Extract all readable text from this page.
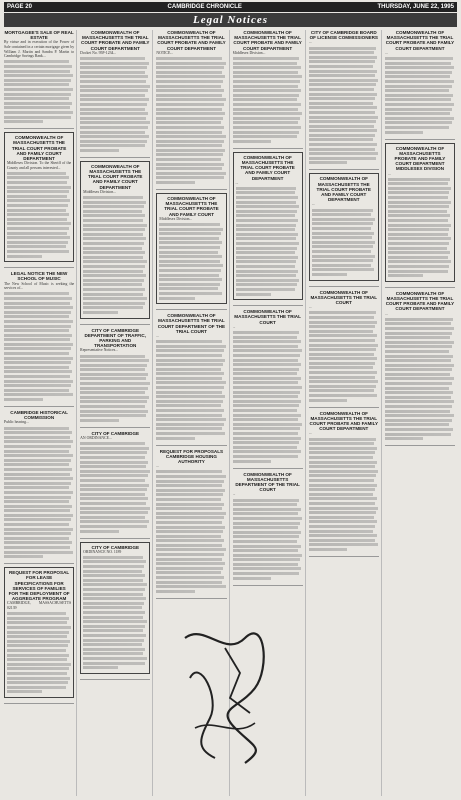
PAGE 20	CAMBRIDGE CHRONICLE	THURSDAY, JUNE 22, 1995
Legal Notices
MORTGAGEE'S SALE OF REAL ESTATE
By virtue and in execution of the Power of Sale contained in a certain mortgage given by William J. Martin and Sandra P. Martin to Cambridge Savings Bank...
COMMONWEALTH OF MASSACHUSETTS THE TRIAL COURT PROBATE AND FAMILY COURT DEPARTMENT
Middlesex Division. To the Sheriff of the County and all persons interested...
LEGAL NOTICE THE NEW SCHOOL OF MUSIC
The New School of Music is seeking the services of...
CAMBRIDGE HISTORICAL COMMISSION
Public hearing...
REQUEST FOR PROPOSAL FOR LEASE SPECIFICATIONS FOR SERVICES OF FAMILIES FOR THE DEPLOYMENT OF AGGREGATE PROGRAM
CAMBRIDGE, MASSACHUSETTS 02139
COMMONWEALTH OF MASSACHUSETTS THE TRIAL COURT PROBATE AND FAMILY COURT DEPARTMENT
Docket No. 95P-1234...
COMMONWEALTH OF MASSACHUSETTS THE TRIAL COURT PROBATE AND FAMILY COURT DEPARTMENT
Middlesex Division...
CITY OF CAMBRIDGE DEPARTMENT OF TRAFFIC, PARKING AND TRANSPORTATION
Representative Notices...
CITY OF CAMBRIDGE
AN ORDINANCE...
CITY OF CAMBRIDGE
ORDINANCE NO. 1189
COMMONWEALTH OF MASSACHUSETTS THE TRIAL COURT PROBATE AND FAMILY COURT DEPARTMENT
NOTICE...
COMMONWEALTH OF MASSACHUSETTS THE TRIAL COURT PROBATE AND FAMILY COURT
Middlesex Division...
COMMONWEALTH OF MASSACHUSETTS THE TRIAL COURT DEPARTMENT OF THE TRIAL COURT
...
REQUEST FOR PROPOSALS CAMBRIDGE HOUSING AUTHORITY
...
COMMONWEALTH OF MASSACHUSETTS THE TRIAL COURT PROBATE AND FAMILY COURT DEPARTMENT
Middlesex Division...
COMMONWEALTH OF MASSACHUSETTS THE TRIAL COURT PROBATE AND FAMILY COURT DEPARTMENT
...
COMMONWEALTH OF MASSACHUSETTS THE TRIAL COURT
...
COMMONWEALTH OF MASSACHUSETTS DEPARTMENT OF THE TRIAL COURT
...
CITY OF CAMBRIDGE BOARD OF LICENSE COMMISSIONERS
...
COMMONWEALTH OF MASSACHUSETTS THE TRIAL COURT PROBATE AND FAMILY COURT DEPARTMENT
...
COMMONWEALTH OF MASSACHUSETTS THE TRIAL COURT
...
COMMONWEALTH OF MASSACHUSETTS THE TRIAL COURT PROBATE AND FAMILY COURT DEPARTMENT
...
COMMONWEALTH OF MASSACHUSETTS THE TRIAL COURT PROBATE AND FAMILY COURT DEPARTMENT
...
COMMONWEALTH OF MASSACHUSETTS PROBATE AND FAMILY COURT DEPARTMENT MIDDLESEX DIVISION
...
COMMONWEALTH OF MASSACHUSETTS THE TRIAL COURT PROBATE AND FAMILY COURT DEPARTMENT
...
